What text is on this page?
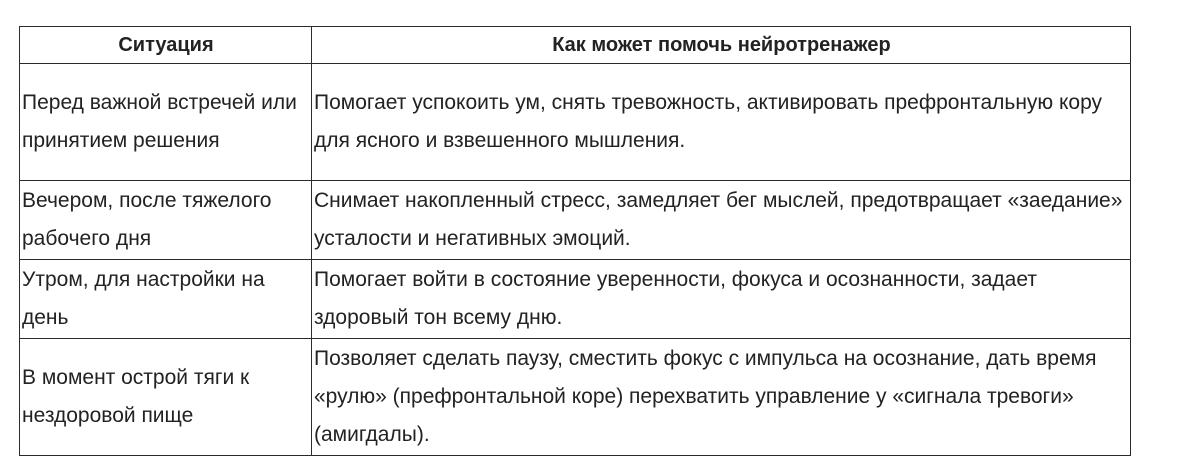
Ситуация	Как может помочь нейротренажер
Перед важной встречей или принятием решения	Помогает успокоить ум, снять тревожность, активировать префронтальную кору для ясного и взвешенного мышления.
Вечером, после тяжелого рабочего дня	Снимает накопленный стресс, замедляет бег мыслей, предотвращает «заедание» усталости и негативных эмоций.
Утром, для настройки на день	Помогает войти в состояние уверенности, фокуса и осознанности, задает здоровый тон всему дню.
В момент острой тяги к нездоровой пище	Позволяет сделать паузу, сместить фокус с импульса на осознание, дать время «рулю» (префронтальной коре) перехватить управление у «сигнала тревоги» (амигдалы).
